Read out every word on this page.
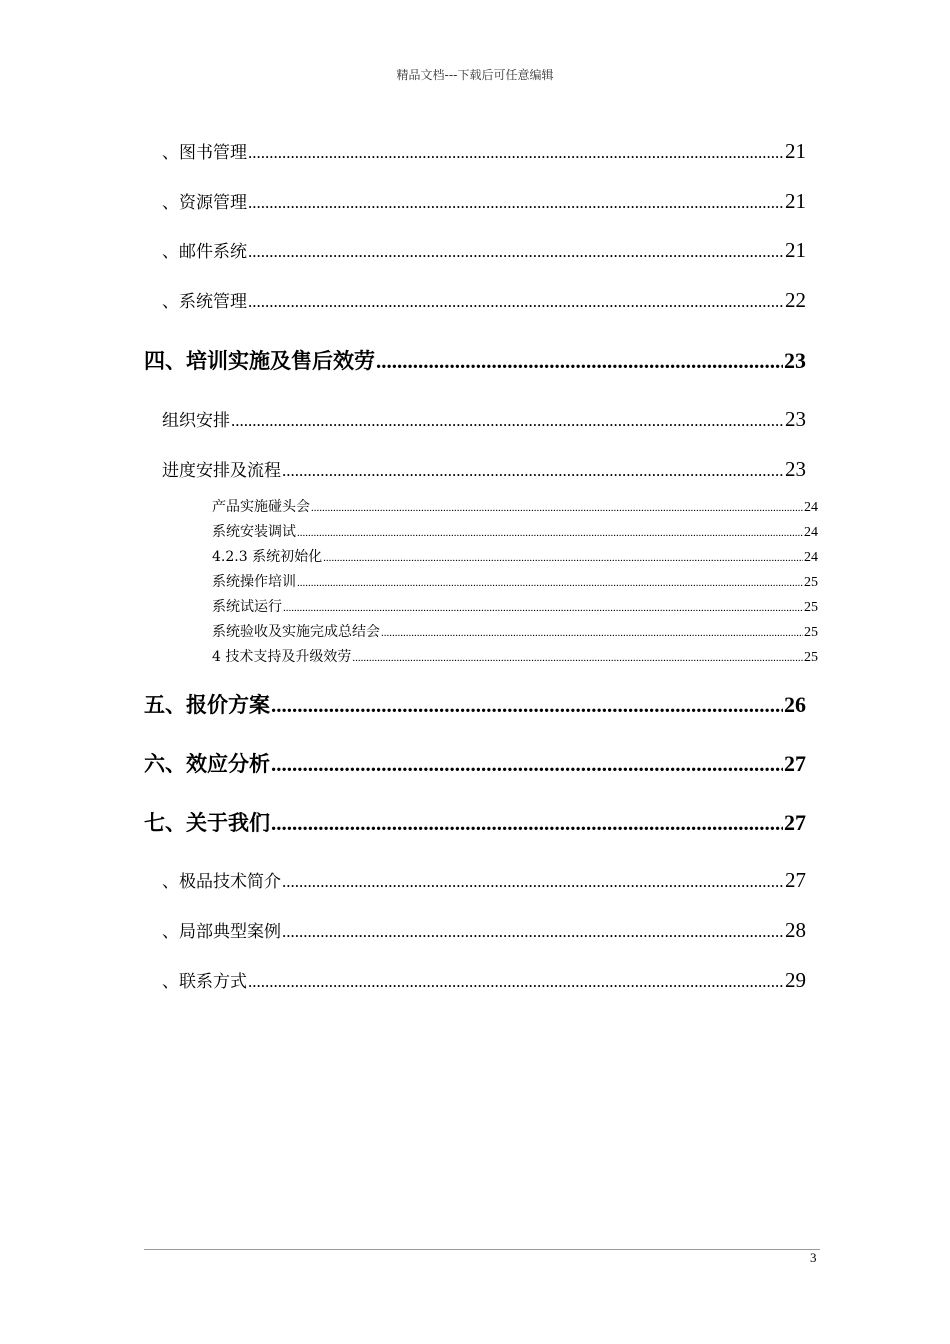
精品文档---下载后可任意编辑
、图书管理 .....	21
、资源管理 .....	21
、邮件系统 .....	21
、系统管理 .....	22
四、培训实施及售后效劳 .....	23
组织安排 .....	23
进度安排及流程 .....	23
产品实施碰头会 .....	24
系统安装调试 .....	24
4.2.3 系统初始化 .....	24
系统操作培训 .....	25
系统试运行 .....	25
系统验收及实施完成总结会 .....	25
4 技术支持及升级效劳 .....	25
五、报价方案 .....	26
六、效应分析 .....	27
七、关于我们 .....	27
、极品技术简介 .....	27
、局部典型案例 .....	28
、联系方式 .....	29
3
